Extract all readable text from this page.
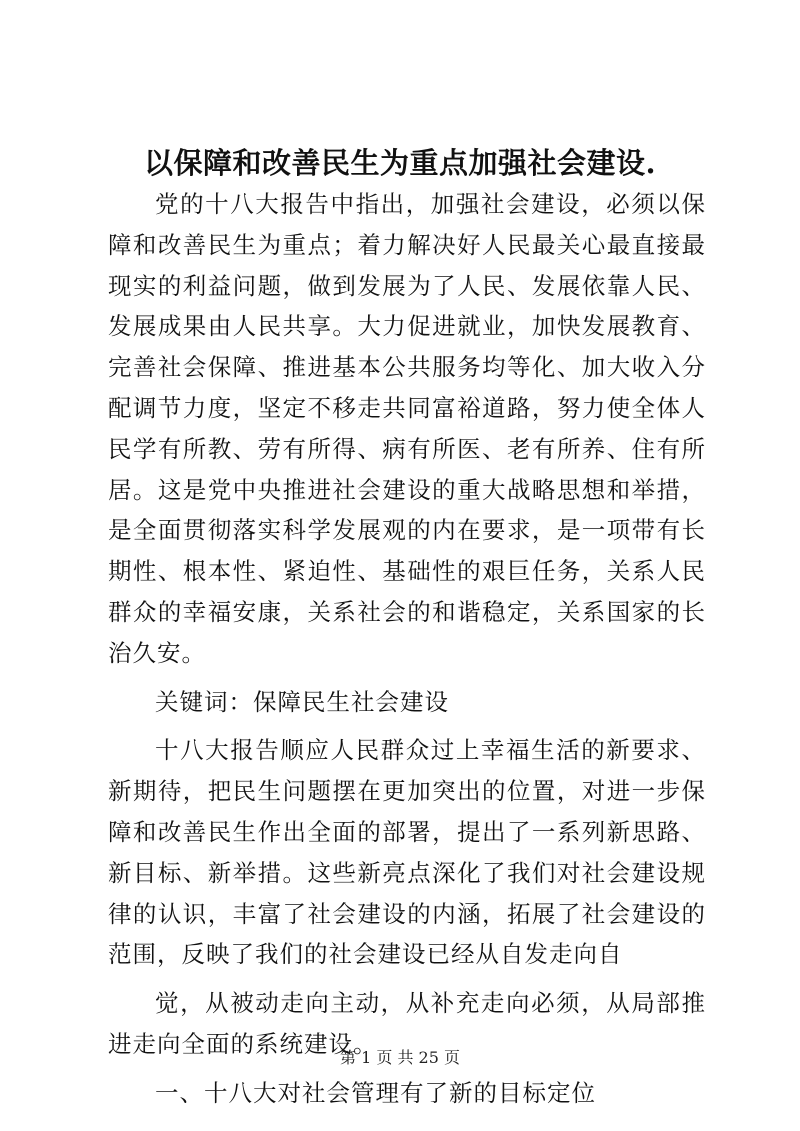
以保障和改善民生为重点加强社会建设.

党的十八大报告中指出，加强社会建设，必须以保障和改善民生为重点；着力解决好人民最关心最直接最现实的利益问题，做到发展为了人民、发展依靠人民、发展成果由人民共享。大力促进就业，加快发展教育、完善社会保障、推进基本公共服务均等化、加大收入分配调节力度，坚定不移走共同富裕道路，努力使全体人民学有所教、劳有所得、病有所医、老有所养、住有所居。这是党中央推进社会建设的重大战略思想和举措，是全面贯彻落实科学发展观的内在要求，是一项带有长期性、根本性、紧迫性、基础性的艰巨任务，关系人民群众的幸福安康，关系社会的和谐稳定，关系国家的长治久安。

关键词：保障民生社会建设

十八大报告顺应人民群众过上幸福生活的新要求、新期待，把民生问题摆在更加突出的位置，对进一步保障和改善民生作出全面的部署，提出了一系列新思路、新目标、新举措。这些新亮点深化了我们对社会建设规律的认识，丰富了社会建设的内涵，拓展了社会建设的范围，反映了我们的社会建设已经从自发走向自

觉，从被动走向主动，从补充走向必须，从局部推进走向全面的系统建设。

一、十八大对社会管理有了新的目标定位

第 1 页 共 25 页
